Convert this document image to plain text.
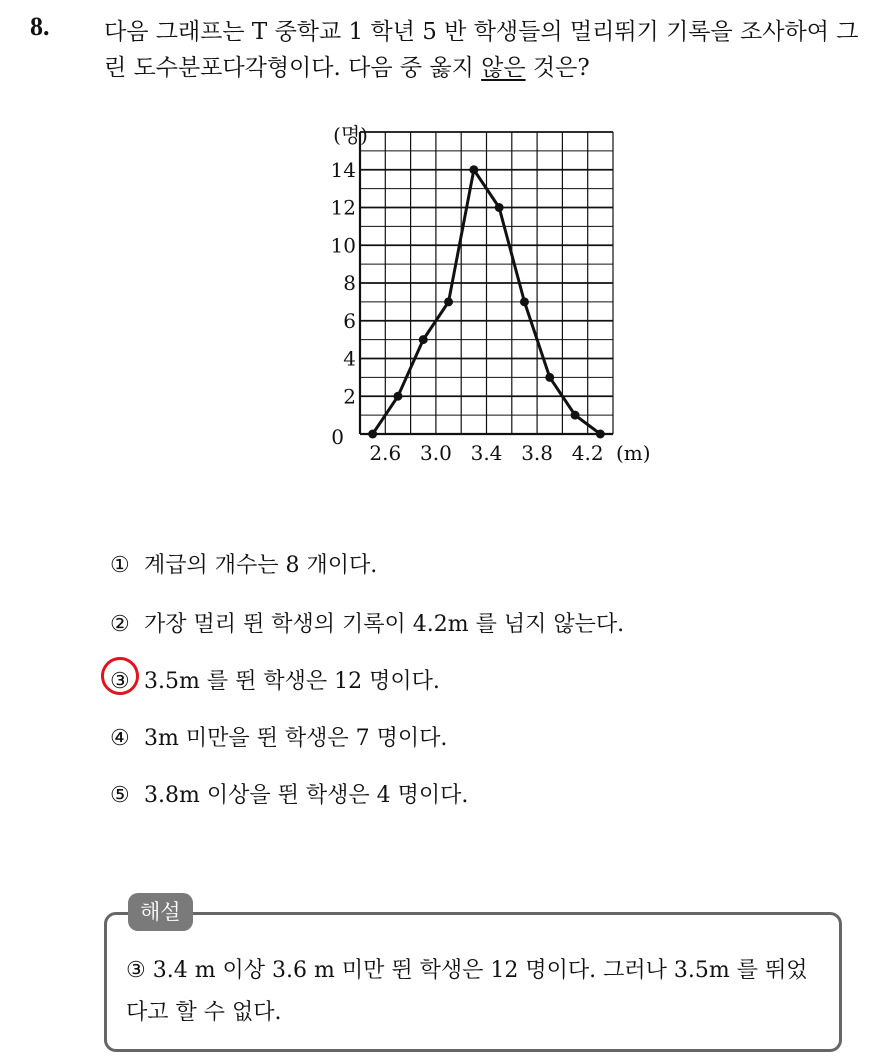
8. 다음 그래프는 T 중학교 1 학년 5 반 학생들의 멀리뛰기 기록을 조사하여 그린 도수분포다각형이다. 다음 중 옳지 않은 것은?
0
2
4
6
8
10
12
14
2.6 3.0 3.4 3.8 4.2
(명)
(m)
① 계급의 개수는 8 개이다.
② 가장 멀리 뛴 학생의 기록이 4.2m 를 넘지 않는다.
③ 3.5m 를 뛴 학생은 12 명이다.
④ 3m 미만을 뛴 학생은 7 명이다.
⑤ 3.8m 이상을 뛴 학생은 4 명이다.
해설
③ 3.4 m 이상 3.6 m 미만 뛴 학생은 12 명이다. 그러나 3.5m 를 뛰었다고 할 수 없다.
